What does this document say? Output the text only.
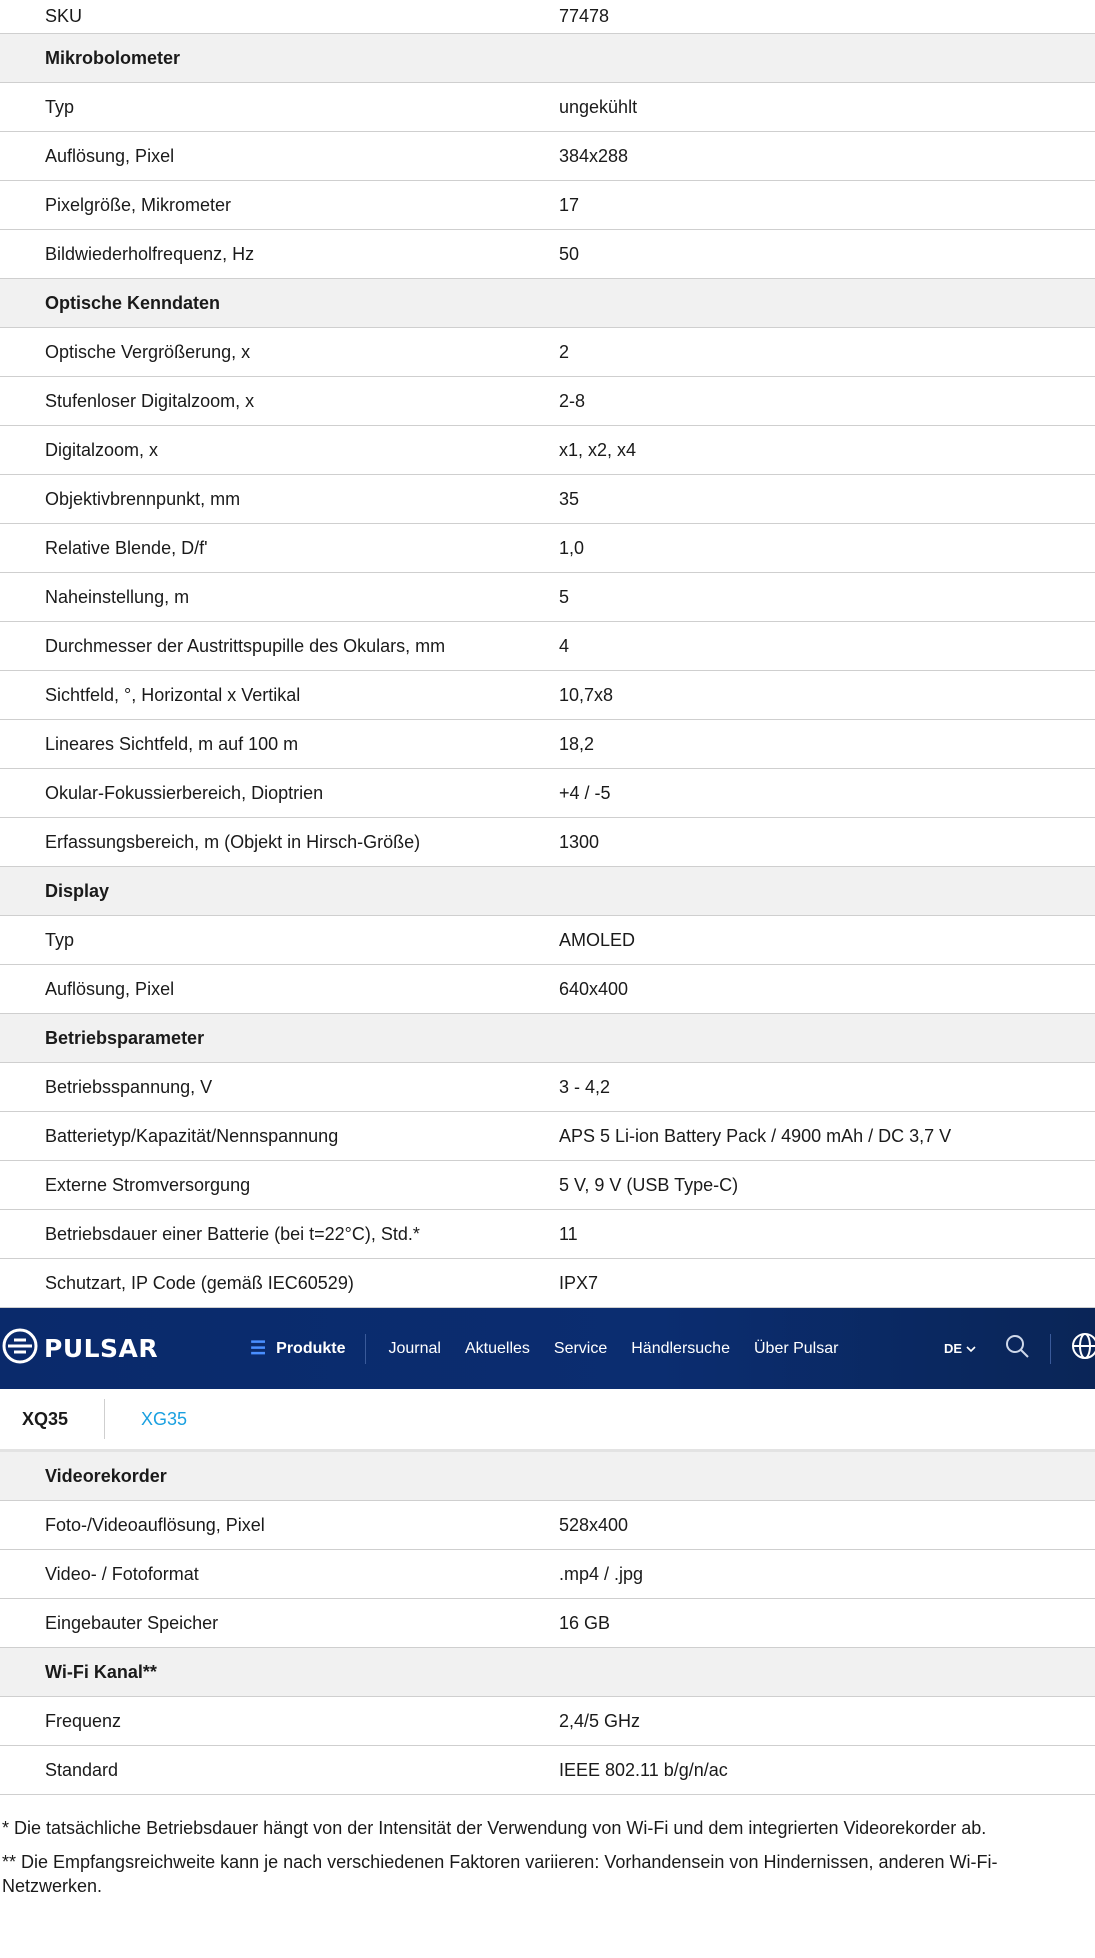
SKU	77478
Mikrobolometer
Typ	ungekühlt
Auflösung, Pixel	384x288
Pixelgröße, Mikrometer	17
Bildwiederholfrequenz, Hz	50
Optische Kenndaten
Optische Vergrößerung, x	2
Stufenloser Digitalzoom, x	2-8
Digitalzoom, x	x1, x2, x4
Objektivbrennpunkt, mm	35
Relative Blende, D/f'	1,0
Naheinstellung, m	5
Durchmesser der Austrittspupille des Okulars, mm	4
Sichtfeld, °, Horizontal x Vertikal	10,7x8
Lineares Sichtfeld, m auf 100 m	18,2
Okular-Fokussierbereich, Dioptrien	+4 / -5
Erfassungsbereich, m (Objekt in Hirsch-Größe)	1300
Display
Typ	AMOLED
Auflösung, Pixel	640x400
Betriebsparameter
Betriebsspannung, V	3 - 4,2
Batterietyp/Kapazität/Nennspannung	APS 5 Li-ion Battery Pack / 4900 mAh / DC 3,7 V
Externe Stromversorgung	5 V, 9 V (USB Type-C)
Betriebsdauer einer Batterie (bei t=22°C), Std.*	11
Schutzart, IP Code (gemäß IEC60529)	IPX7
PULSAR	☰ Produkte	Journal Aktuelles Service Händlersuche Über Pulsar	DE
XQ35	XG35
Videorekorder
Foto-/Videoauflösung, Pixel	528x400
Video- / Fotoformat	.mp4 / .jpg
Eingebauter Speicher	16 GB
Wi-Fi Kanal**
Frequenz	2,4/5 GHz
Standard	IEEE 802.11 b/g/n/ac

* Die tatsächliche Betriebsdauer hängt von der Intensität der Verwendung von Wi-Fi und dem integrierten Videorekorder ab.

** Die Empfangsreichweite kann je nach verschiedenen Faktoren variieren: Vorhandensein von Hindernissen, anderen Wi-Fi-Netzwerken.
